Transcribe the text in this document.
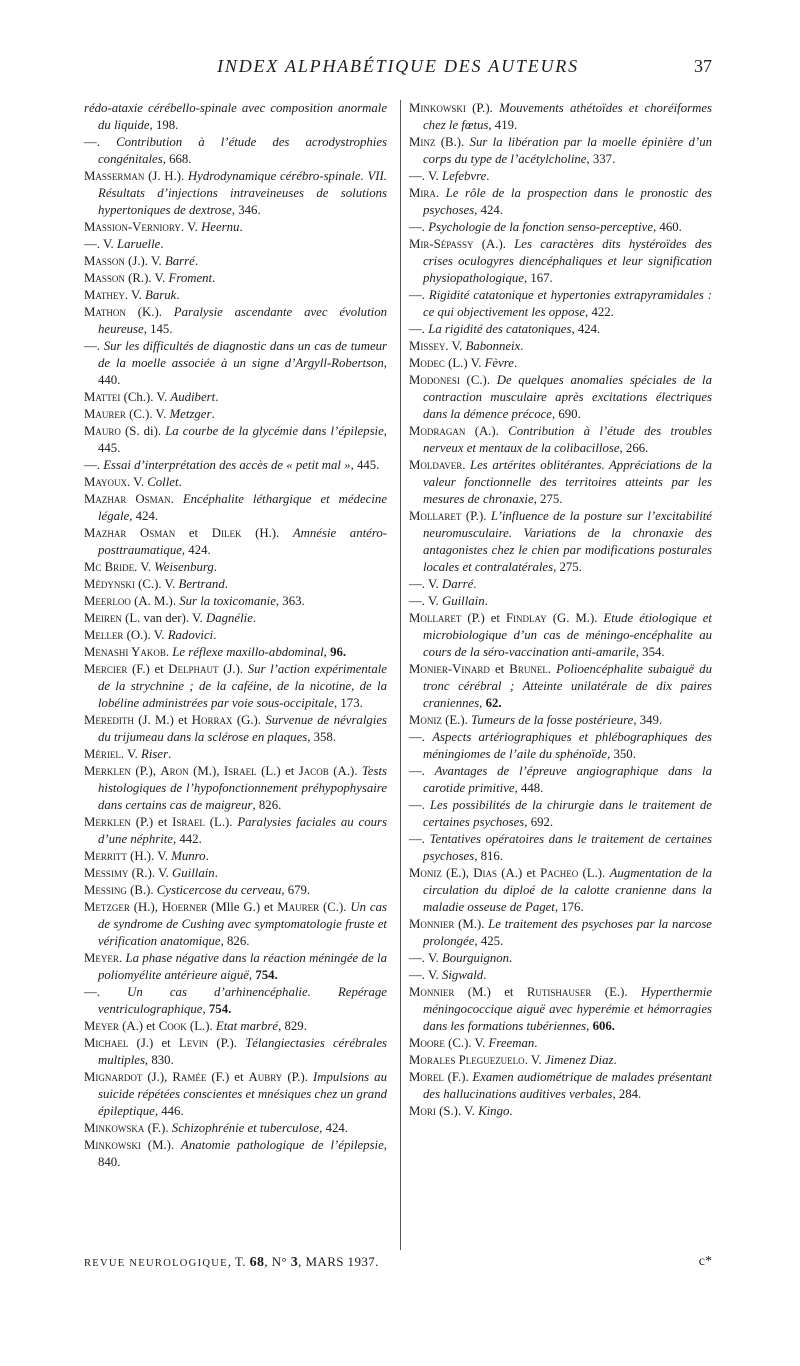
INDEX ALPHABÉTIQUE DES AUTEURS	37

rédo-ataxie cérébello-spinale avec composition anormale du liquide, 198.

—. Contribution à l’étude des acrodystrophies congénitales, 668.

Masserman (J. H.). Hydrodynamique cérébro-spinale. VII. Résultats d’injections intraveineuses de solutions hypertoniques de dextrose, 346.

Massion-Verniory. V. Heernu.

—. V. Laruelle.

Masson (J.). V. Barré.

Masson (R.). V. Froment.

Mathey. V. Baruk.

Mathon (K.). Paralysie ascendante avec évolution heureuse, 145.

—. Sur les difficultés de diagnostic dans un cas de tumeur de la moelle associée à un signe d’Argyll-Robertson, 440.

Mattei (Ch.). V. Audibert.

Maurer (C.). V. Metzger.

Mauro (S. di). La courbe de la glycémie dans l’épilepsie, 445.

—. Essai d’interprétation des accès de « petit mal », 445.

Mayoux. V. Collet.

Mazhar Osman. Encéphalite léthargique et médecine légale, 424.

Mazhar Osman et Dilek (H.). Amnésie antéro-posttraumatique, 424.

Mc Bride. V. Weisenburg.

Mèdynski (C.). V. Bertrand.

Meerloo (A. M.). Sur la toxicomanie, 363.

Meiren (L. van der). V. Dagnélie.

Meller (O.). V. Radovici.

Menashi Yakob. Le réflexe maxillo-abdominal, 96.

Mercier (F.) et Delphaut (J.). Sur l’action expérimentale de la strychnine ; de la caféine, de la nicotine, de la lobéline administrées par voie sous-occipitale, 173.

Meredith (J. M.) et Horrax (G.). Survenue de névralgies du trijumeau dans la sclérose en plaques, 358.

Mériel. V. Riser.

Merklen (P.), Aron (M.), Israel (L.) et Jacob (A.). Tests histologiques de l’hypofonctionnement préhypophysaire dans certains cas de maigreur, 826.

Merklen (P.) et Israel (L.). Paralysies faciales au cours d’une néphrite, 442.

Merritt (H.). V. Munro.

Messimy (R.). V. Guillain.

Messing (B.). Cysticercose du cerveau, 679.

Metzger (H.), Hoerner (Mlle G.) et Maurer (C.). Un cas de syndrome de Cushing avec symptomatologie fruste et vérification anatomique, 826.

Meyer. La phase négative dans la réaction méningée de la poliomyélite antérieure aiguë, 754.

—. Un cas d’arhinencéphalie. Repérage ventriculographique, 754.

Meyer (A.) et Cook (L.). Etat marbré, 829.

Michael (J.) et Levin (P.). Télangiectasies cérébrales multiples, 830.

Mignardot (J.), Ramée (F.) et Aubry (P.). Impulsions au suicide répétées conscientes et mnésiques chez un grand épileptique, 446.

Minkowska (F.). Schizophrénie et tuberculose, 424.

Minkowski (M.). Anatomie pathologique de l’épilepsie, 840.

Minkowski (P.). Mouvements athétoïdes et choréiformes chez le fœtus, 419.

Minz (B.). Sur la libération par la moelle épinière d’un corps du type de l’acétylcholine, 337.

—. V. Lefebvre.

Mira. Le rôle de la prospection dans le pronostic des psychoses, 424.

—. Psychologie de la fonction senso-perceptive, 460.

Mir-Sépassy (A.). Les caractères dits hystéroïdes des crises oculogyres diencéphaliques et leur signification physiopathologique, 167.

—. Rigidité catatonique et hypertonies extrapyramidales : ce qui objectivement les oppose, 422.

—. La rigidité des catatoniques, 424.

Missey. V. Babonneix.

Modec (L.) V. Fèvre.

Modonesi (C.). De quelques anomalies spéciales de la contraction musculaire après excitations électriques dans la démence précoce, 690.

Modragan (A.). Contribution à l’étude des troubles nerveux et mentaux de la colibacillose, 266.

Moldaver. Les artérites oblitérantes. Appréciations de la valeur fonctionnelle des territoires atteints par les mesures de chronaxie, 275.

Mollaret (P.). L’influence de la posture sur l’excitabilité neuromusculaire. Variations de la chronaxie des antagonistes chez le chien par modifications posturales locales et contralatérales, 275.

—. V. Darré.

—. V. Guillain.

Mollaret (P.) et Findlay (G. M.). Etude étiologique et microbiologique d’un cas de méningo-encéphalite au cours de la séro-vaccination anti-amarile, 354.

Monier-Vinard et Brunel. Polioencéphalite subaiguë du tronc cérébral ; Atteinte unilatérale de dix paires craniennes, 62.

Moniz (E.). Tumeurs de la fosse postérieure, 349.

—. Aspects artériographiques et phlébographiques des méningiomes de l’aile du sphénoïde, 350.

—. Avantages de l’épreuve angiographique dans la carotide primitive, 448.

—. Les possibilités de la chirurgie dans le traitement de certaines psychoses, 692.

—. Tentatives opératoires dans le traitement de certaines psychoses, 816.

Moniz (E.), Dias (A.) et Pacheo (L.). Augmentation de la circulation du diploé de la calotte cranienne dans la maladie osseuse de Paget, 176.

Monnier (M.). Le traitement des psychoses par la narcose prolongée, 425.

—. V. Bourguignon.

—. V. Sigwald.

Monnier (M.) et Rutishauser (E.). Hyperthermie méningococcique aiguë avec hyperémie et hémorragies dans les formations tubériennes, 606.

Moore (C.). V. Freeman.

Morales Pleguezuelo. V. Jimenez Diaz.

Morel (F.). Examen audiométrique de malades présentant des hallucinations auditives verbales, 284.

Mori (S.). V. Kingo.

REVUE NEUROLOGIQUE, T. 68, N° 3, MARS 1937.	c*
